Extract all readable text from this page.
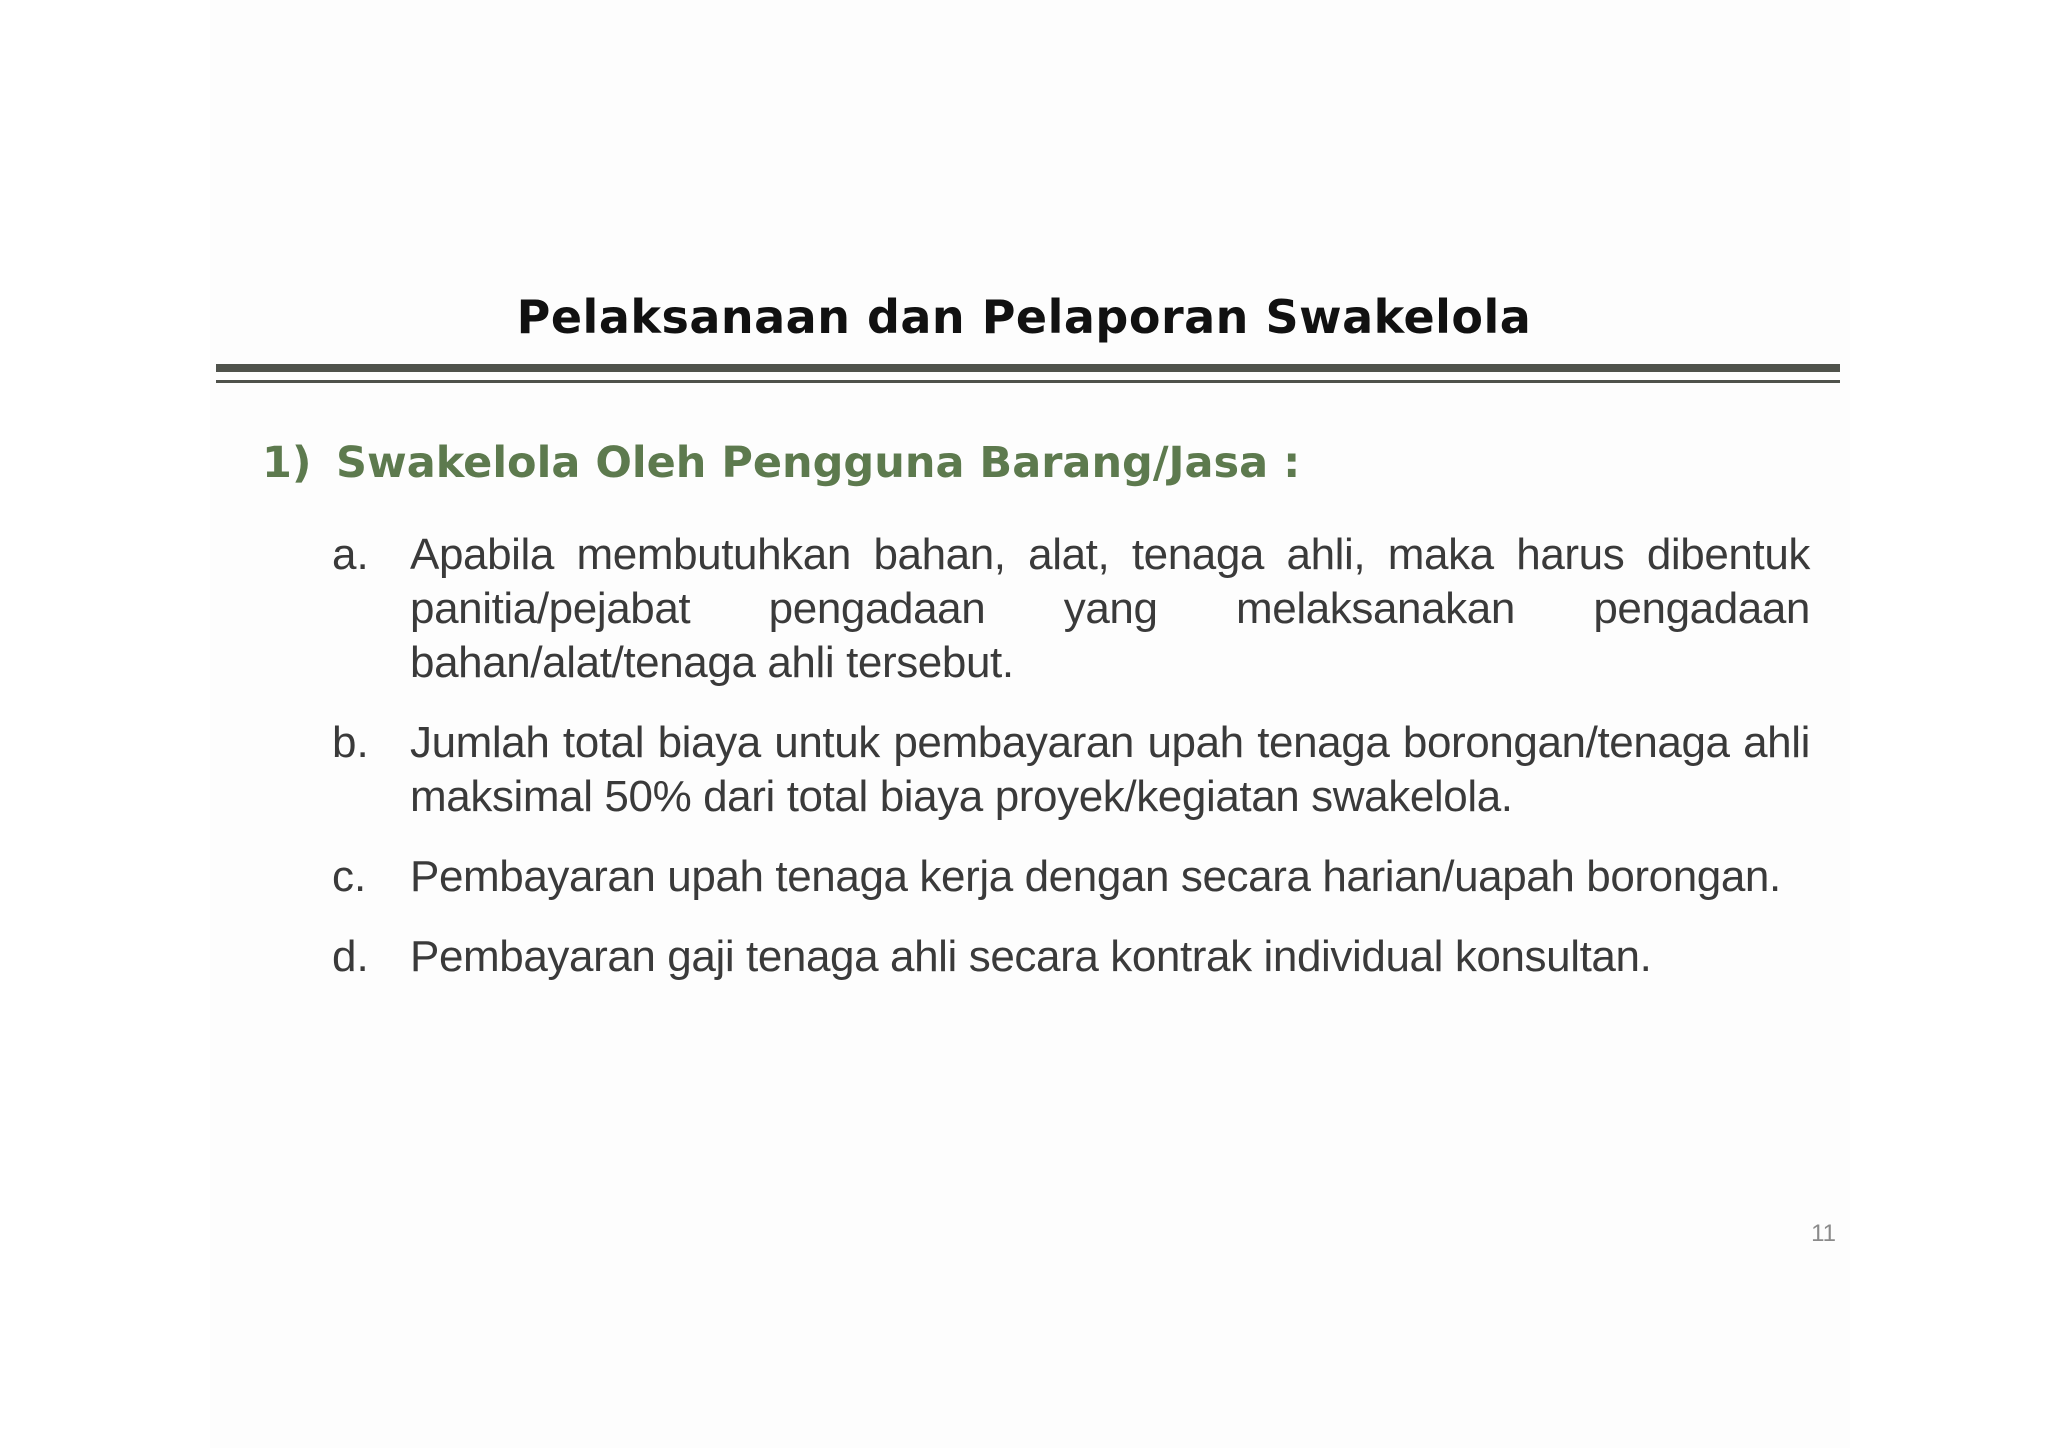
Pelaksanaan dan Pelaporan Swakelola
1) Swakelola Oleh Pengguna Barang/Jasa :
a. Apabila membutuhkan bahan, alat, tenaga ahli, maka harus dibentuk panitia/pejabat pengadaan yang melaksanakan pengadaan bahan/alat/tenaga ahli tersebut.
b. Jumlah total biaya untuk pembayaran upah tenaga borongan/tenaga ahli maksimal 50% dari total biaya proyek/kegiatan swakelola.
c. Pembayaran upah tenaga kerja dengan secara harian/uapah borongan.
d. Pembayaran gaji tenaga ahli secara kontrak individual konsultan.
11
